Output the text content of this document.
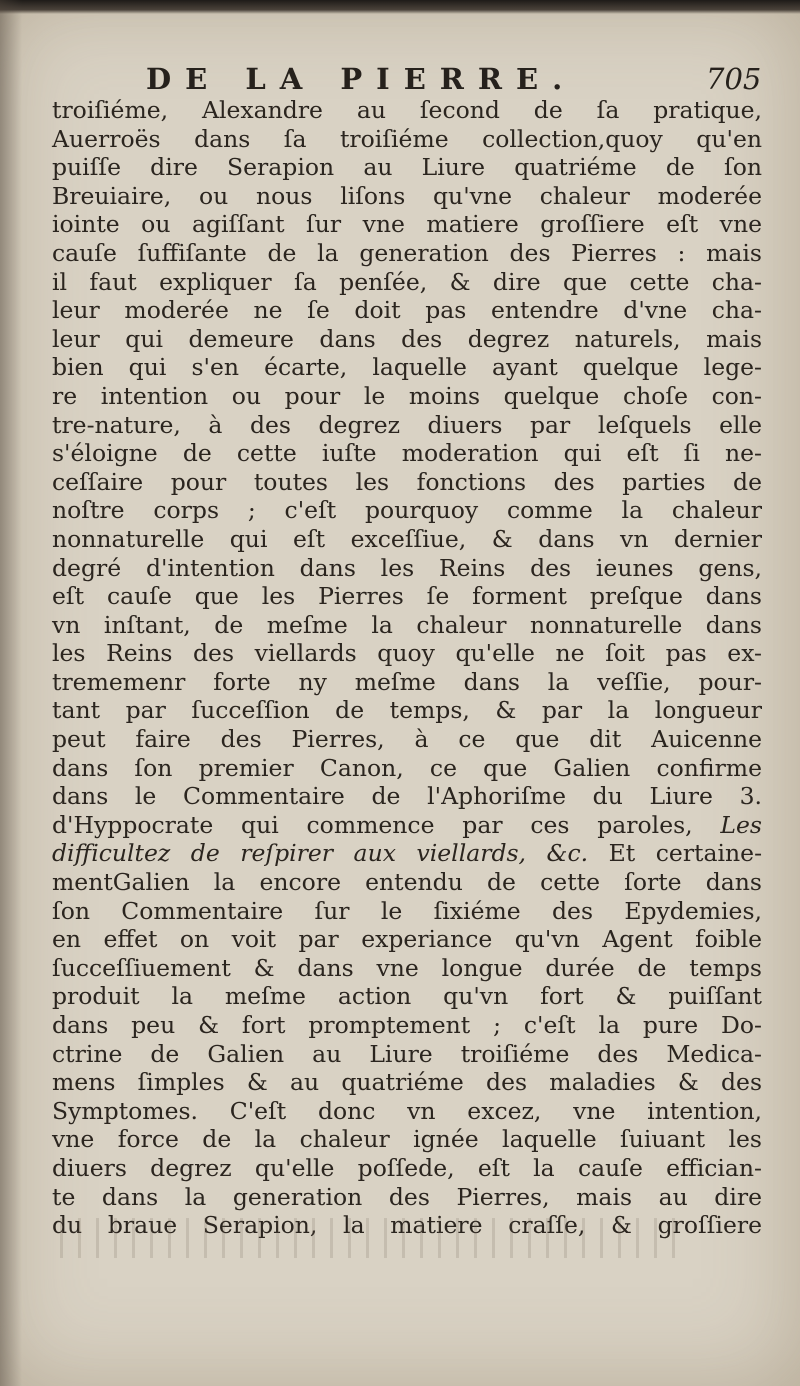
DE LA PIERRE.	705
troiſiéme, Alexandre au ſecond de ſa pratique,
Auerroës dans ſa troiſiéme collection,quoy qu'en
puiſſe dire Serapion au Liure quatriéme de ſon
Breuiaire, ou nous liſons qu'vne chaleur moderée
iointe ou agiſſant ſur vne matiere groſſiere eſt vne
cauſe ſuffiſante de la generation des Pierres : mais
il faut expliquer ſa penſée, & dire que cette cha-
leur moderée ne ſe doit pas entendre d'vne cha-
leur qui demeure dans des degrez naturels, mais
bien qui s'en écarte, laquelle ayant quelque lege-
re intention ou pour le moins quelque choſe con-
tre-nature, à des degrez diuers par leſquels elle
s'éloigne de cette iuſte moderation qui eſt ſi ne-
ceſſaire pour toutes les fonctions des parties de
noſtre corps ; c'eſt pourquoy comme la chaleur
nonnaturelle qui eſt exceſſiue, & dans vn dernier
degré d'intention dans les Reins des ieunes gens,
eſt cauſe que les Pierres ſe forment preſque dans
vn inſtant, de meſme la chaleur nonnaturelle dans
les Reins des viellards quoy qu'elle ne ſoit pas ex-
trememenr forte ny meſme dans la veſſie, pour-
tant par ſucceſſion de temps, & par la longueur
peut faire des Pierres, à ce que dit Auicenne
dans ſon premier Canon, ce que Galien confirme
dans le Commentaire de l'Aphoriſme du Liure 3.
d'Hyppocrate qui commence par ces paroles, Les
difficultez de reſpirer aux viellards, &c. Et certaine-
mentGalien la encore entendu de cette ſorte dans
ſon Commentaire ſur le ſixiéme des Epydemies,
en effet on voit par experiance qu'vn Agent foible
ſucceſſiuement & dans vne longue durée de temps
produit la meſme action qu'vn fort & puiſſant
dans peu & fort promptement ; c'eſt la pure Do-
ctrine de Galien au Liure troiſiéme des Medica-
mens ſimples & au quatriéme des maladies & des
Symptomes. C'eſt donc vn excez, vne intention,
vne force de la chaleur ignée laquelle ſuiuant les
diuers degrez qu'elle poſſede, eſt la cauſe effician-
te dans la generation des Pierres, mais au dire
du braue Serapion, la matiere craſſe, & groſſiere
